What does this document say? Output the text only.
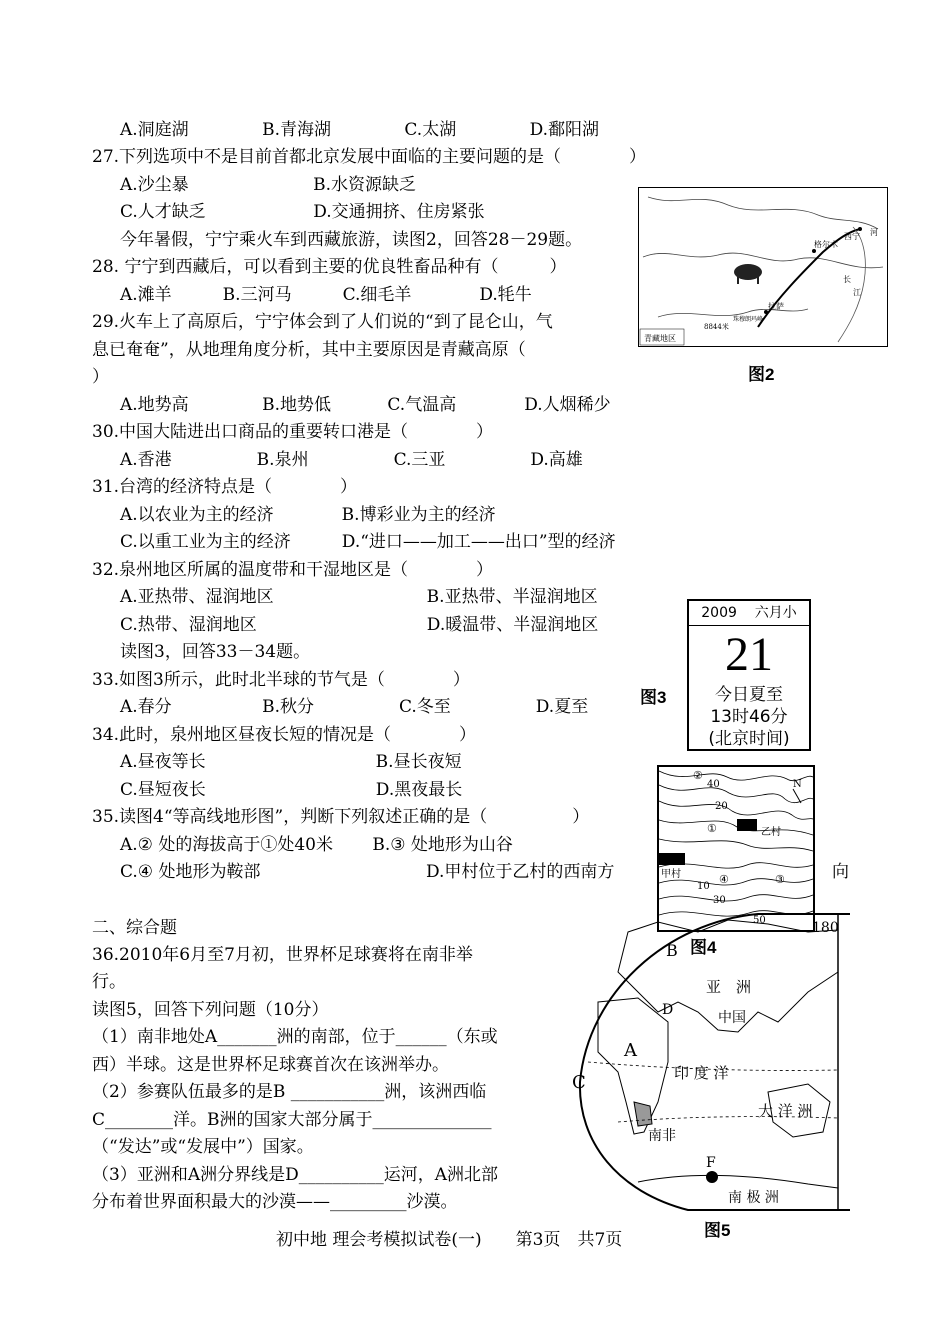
A.洞庭湖　　　　 B.青海湖　　　　 C.太湖　　　　 D.鄱阳湖
27.下列选项中不是目前首都北京发展中面临的主要问题的是（　　　　）
A.沙尘暴　　　　　　　 B.水资源缺乏
C.人才缺乏　　　　　　 D.交通拥挤、住房紧张
今年暑假，宁宁乘火车到西藏旅游，读图2，回答28－29题。
28. 宁宁到西藏后，可以看到主要的优良牲畜品种有（　　　）
A.滩羊　　　B.三河马　　　C.细毛羊　　　　D.牦牛
29.火车上了高原后，宁宁体会到了人们说的“到了昆仑山，气
息已奄奄”，从地理角度分析，其中主要原因是青藏高原（
）
A.地势高　　　　 B.地势低　　　 C.气温高　　　　D.人烟稀少
30.中国大陆进出口商品的重要转口港是（　　　　）
A.香港　　　　　B.泉州　　　　　C.三亚　　　　　D.高雄
31.台湾的经济特点是（　　　　）
A.以农业为主的经济　　　　B.博彩业为主的经济
C.以重工业为主的经济　　　D.“进口——加工——出口”型的经济
32.泉州地区所属的温度带和干湿地区是（　　　　）
A.亚热带、湿润地区　　　　　　　　　B.亚热带、半湿润地区
C.热带、湿润地区　　　　　　　　　　D.暖温带、半湿润地区
读图3，回答33－34题。
33.如图3所示，此时北半球的节气是（　　　　）
A.春分　　　　　 B.秋分　　　　　C.冬至　　　　　D.夏至
34.此时，泉州地区昼夜长短的情况是（　　　　）
A.昼夜等长　　　　　　　　　　B.昼长夜短
C.昼短夜长　　　　　　　　　　D.黑夜最长
35.读图4“等高线地形图”，判断下列叙述正确的是（　　　　　）
A.② 处的海拔高于①处40米　　 B.③ 处地形为山谷
C.④ 处地形为鞍部	D.甲村位于乙村的西南方	向
二、综合题
36.2010年6月至7月初，世界杯足球赛将在南非举
行。
读图5，回答下列问题（10分）
（1）南非地处A_______洲的南部，位于______（东或
西）半球。这是世界杯足球赛首次在该洲举办。
（2）参赛队伍最多的是B ___________洲，该洲西临
C________洋。B洲的国家大部分属于______________
（“发达”或“发展中”）国家。
（3）亚洲和A洲分界线是D__________运河，A洲北部
分布着世界面积最大的沙漠——_________沙漠。
初中地 理会考模拟试卷(一)　　第3页　共7页
西宁
格尔木
拉萨
8844米
珠穆朗玛峰
河
长
江
青藏地区
图2
图3
2009 六月小
21
今日夏至
13时46分
(北京时间)
N
②
40
20
①	乙村
甲村
10
④	③
30
50
图4
180
B
D
亚　洲
中国
A
C	印 度 洋
大 洋 洲
南非
F
南 极 洲
图5
